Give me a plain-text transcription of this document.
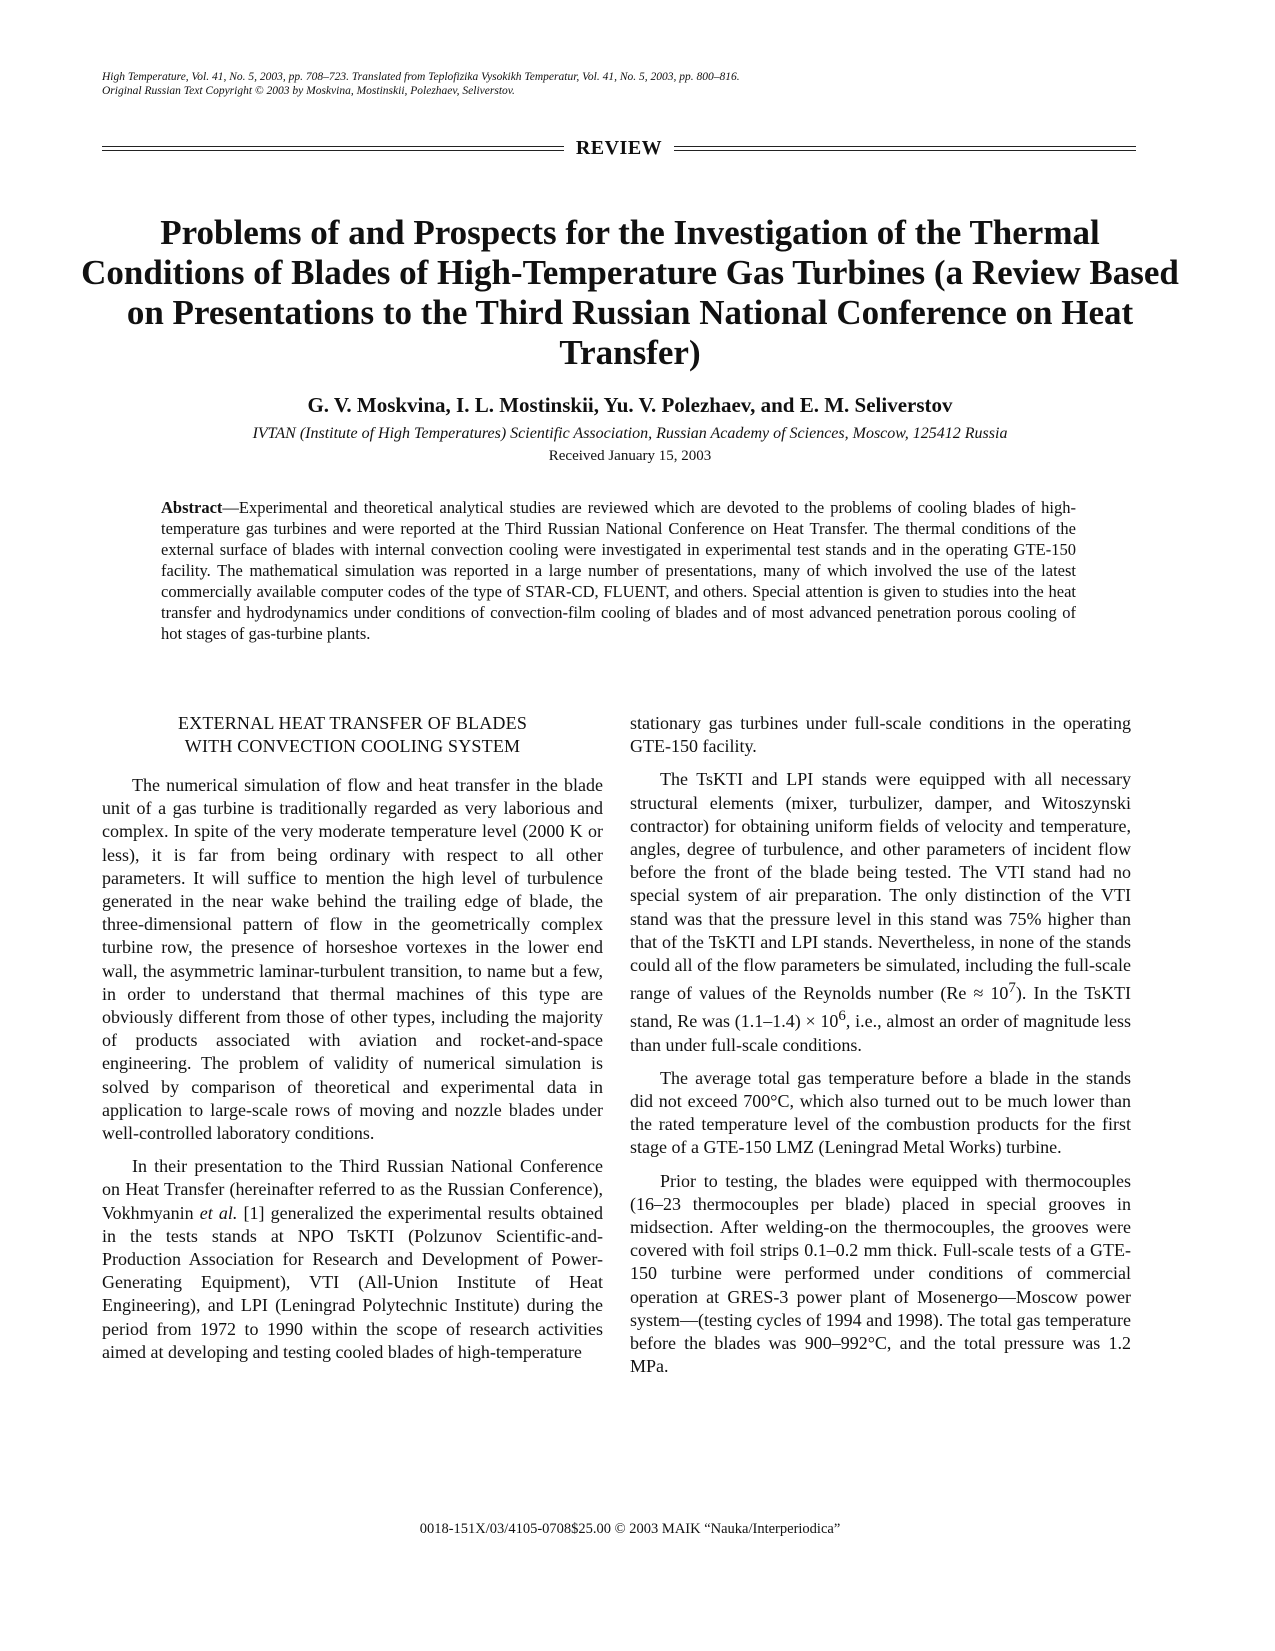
High Temperature, Vol. 41, No. 5, 2003, pp. 708–723. Translated from Teplofizika Vysokikh Temperatur, Vol. 41, No. 5, 2003, pp. 800–816.
Original Russian Text Copyright © 2003 by Moskvina, Mostinskii, Polezhaev, Seliverstov.
REVIEW
Problems of and Prospects for the Investigation of the Thermal Conditions of Blades of High-Temperature Gas Turbines (a Review Based on Presentations to the Third Russian National Conference on Heat Transfer)
G. V. Moskvina, I. L. Mostinskii, Yu. V. Polezhaev, and E. M. Seliverstov
IVTAN (Institute of High Temperatures) Scientific Association, Russian Academy of Sciences, Moscow, 125412 Russia
Received January 15, 2003
Abstract—Experimental and theoretical analytical studies are reviewed which are devoted to the problems of cooling blades of high-temperature gas turbines and were reported at the Third Russian National Conference on Heat Transfer. The thermal conditions of the external surface of blades with internal convection cooling were investigated in experimental test stands and in the operating GTE-150 facility. The mathematical simulation was reported in a large number of presentations, many of which involved the use of the latest commercially available computer codes of the type of STAR-CD, FLUENT, and others. Special attention is given to studies into the heat transfer and hydrodynamics under conditions of convection-film cooling of blades and of most advanced penetration porous cooling of hot stages of gas-turbine plants.
EXTERNAL HEAT TRANSFER OF BLADES
WITH CONVECTION COOLING SYSTEM

The numerical simulation of flow and heat transfer in the blade unit of a gas turbine is traditionally regarded as very laborious and complex. In spite of the very moderate temperature level (2000 K or less), it is far from being ordinary with respect to all other parameters. It will suffice to mention the high level of turbulence generated in the near wake behind the trailing edge of blade, the three-dimensional pattern of flow in the geometrically complex turbine row, the presence of horseshoe vortexes in the lower end wall, the asymmetric laminar-turbulent transition, to name but a few, in order to understand that thermal machines of this type are obviously different from those of other types, including the majority of products associated with aviation and rocket-and-space engineering. The problem of validity of numerical simulation is solved by comparison of theoretical and experimental data in application to large-scale rows of moving and nozzle blades under well-controlled laboratory conditions.

In their presentation to the Third Russian National Conference on Heat Transfer (hereinafter referred to as the Russian Conference), Vokhmyanin et al. [1] generalized the experimental results obtained in the tests stands at NPO TsKTI (Polzunov Scientific-and-Production Association for Research and Development of Power-Generating Equipment), VTI (All-Union Institute of Heat Engineering), and LPI (Leningrad Polytechnic Institute) during the period from 1972 to 1990 within the scope of research activities aimed at developing and testing cooled blades of high-temperature

stationary gas turbines under full-scale conditions in the operating GTE-150 facility.

The TsKTI and LPI stands were equipped with all necessary structural elements (mixer, turbulizer, damper, and Witoszynski contractor) for obtaining uniform fields of velocity and temperature, angles, degree of turbulence, and other parameters of incident flow before the front of the blade being tested. The VTI stand had no special system of air preparation. The only distinction of the VTI stand was that the pressure level in this stand was 75% higher than that of the TsKTI and LPI stands. Nevertheless, in none of the stands could all of the flow parameters be simulated, including the full-scale range of values of the Reynolds number $(Re \approx 10^7)$. In the TsKTI stand, Re was $(1.1-1.4) \times 10^6$, i.e., almost an order of magnitude less than under full-scale conditions.

The average total gas temperature before a blade in the stands did not exceed 700°C, which also turned out to be much lower than the rated temperature level of the combustion products for the first stage of a GTE-150 LMZ (Leningrad Metal Works) turbine.

Prior to testing, the blades were equipped with thermocouples (16–23 thermocouples per blade) placed in special grooves in midsection. After welding-on the thermocouples, the grooves were covered with foil strips 0.1–0.2 mm thick. Full-scale tests of a GTE-150 turbine were performed under conditions of commercial operation at GRES-3 power plant of Mosenergo—Moscow power system—(testing cycles of 1994 and 1998). The total gas temperature before the blades was 900–992°C, and the total pressure was 1.2 MPa.

0018-151X/03/4105-0708$25.00 © 2003 MAIK “Nauka/Interperiodica”
